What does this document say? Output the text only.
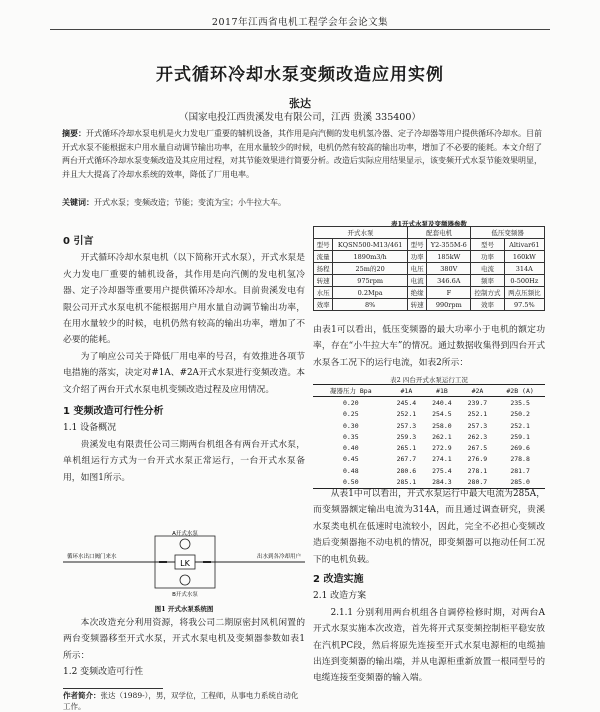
2017年江西省电机工程学会年会论文集
开式循环冷却水泵变频改造应用实例
张达
（国家电投江西贵溪发电有限公司，江西 贵溪 335400）
摘要：开式循环冷却水泵电机是火力发电厂重要的辅机设备，其作用是向汽侧的发电机氢冷器、定子冷却器等用户提供循环冷却水。目前开式水泵不能根据末户用水量自动调节输出功率，在用水量较少的时候，电机仍然有较高的输出功率，增加了不必要的能耗。本文介绍了两台开式循环冷却水泵变频改造及其应用过程，对其节能效果进行简要分析。改造后实际应用结果显示，该变频开式水泵节能效果明显，并且大大提高了冷却水系统的效率，降低了厂用电率。
关键词：开式水泵；变频改造；节能；变流为宝；小牛拉大车。
0 引言
开式循环冷却水泵电机（以下简称开式水泵），开式水泵是火力发电厂重要的辅机设备，其作用是向汽侧的发电机氢冷器、定子冷却器等重要用户提供循环冷却水。目前贵溪发电有限公司开式水泵电机不能根据用户用水量自动调节输出功率，在用水量较少的时候，电机仍然有较高的输出功率，增加了不必要的能耗。
为了响应公司关于降低厂用电率的号召，有效推进各项节电措施的落实，决定对#1A、#2A开式水泵进行变频改造。本文介绍了两台开式水泵电机变频改造过程及应用情况。
1 变频改造可行性分析
1.1 设备概况
贵溪发电有限责任公司三期两台机组各有两台开式水泵，单机组运行方式为一台开式水泵正常运行，一台开式水泵备用，如图1所示。
LK
循环水出口阀门来水
A开式水泵
B开式水泵
出水到各冷却用户
图1 开式水泵系统图
本次改造充分利用资源，将我公司二期原密封风机闲置的两台变频器移至开式水泵，开式水泵电机及变频器参数如表1所示：
1.2 变频改造可行性
作者简介：张达（1989-），男，双学位，工程师，从事电力系统自动化工作。
表1开式水泵及变频器参数
开式水泵		配套电机		低压变频器	
型号	KQSN500-M13/461	型号	Y2-355M-6	型号	Altivar61
流量	1890m3/h	功率	185kW	功率	160kW
扬程	25m的20	电压	380V	电流	314A
转速	975rpm	电流	346.6A	频率	0-500Hz
水压	0.2Mpa	绝缘	F	控制方式	两点压频比
效率	8%	转速	990rpm	效率	97.5%
由表1可以看出，低压变频器的最大功率小于电机的额定功率，存在“小牛拉大车”的情况。通过数据收集得到四台开式水泵各工况下的运行电流，如表2所示：
表2 四台开式水泵运行工况
凝器压力 Bpa	#1A	#1B	#2A	#2B (A)
0.20	245.4	240.4	239.7	235.5
0.25	252.1	254.5	252.1	250.2
0.30	257.3	258.0	257.3	252.1
0.35	259.3	262.1	262.3	259.1
0.40	265.1	272.9	267.5	269.6
0.45	267.7	274.1	276.9	278.8
0.48	280.6	275.4	278.1	281.7
0.50	285.1	284.3	280.7	285.0
从表1中可以看出，开式水泵运行中最大电流为285A，而变频器额定输出电流为314A，而且通过调查研究，贵溪水泵类电机在低速时电流较小，因此，完全不必担心变频改造后变频器拖不动电机的情况，即变频器可以拖动任何工况下的电机负载。
2 改造实施
2.1 改造方案
2.1.1 分别利用两台机组各自调停检修时期，对两台A开式水泵实施本次改造，首先将开式泵变频控制柜平稳安放在汽机PC段，然后将原先连接至开式水泵电源柜的电缆抽出连到变频器的输出端，并从电源柜重新放置一根同型号的电缆连接至变频器的输入端。
